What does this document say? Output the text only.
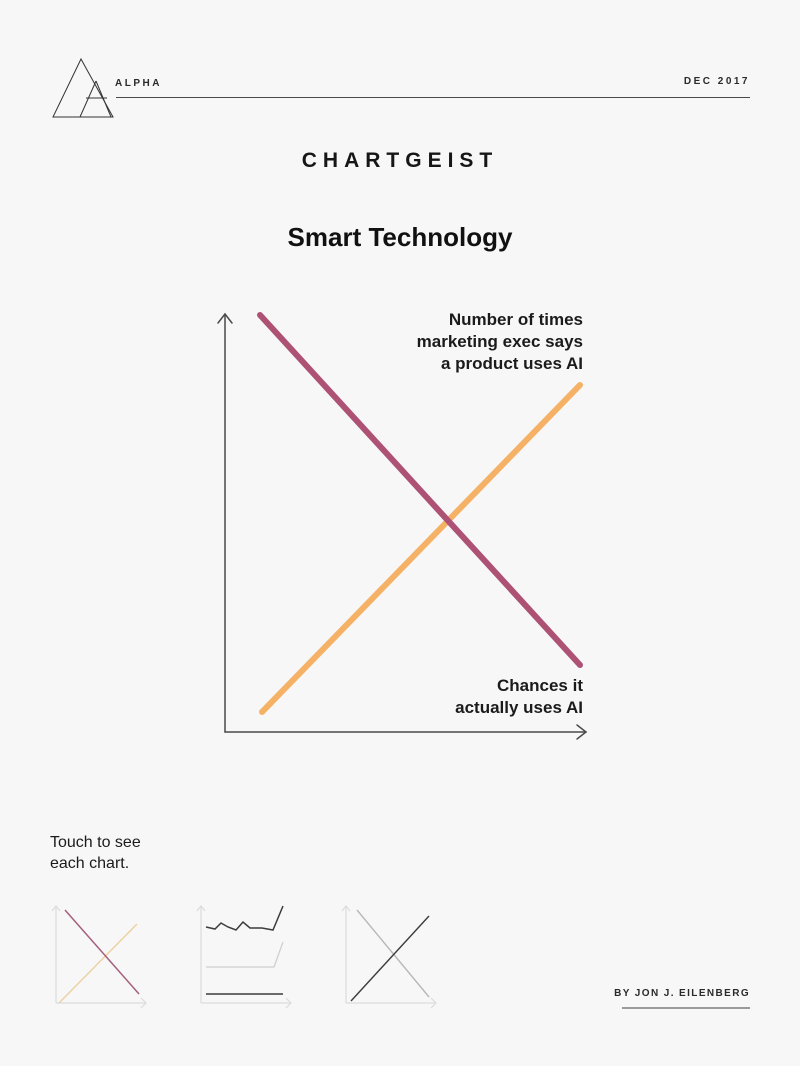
ALPHA	DEC 2017
CHARTGEIST
Smart Technology
Number of times
marketing exec says
a product uses AI
Chances it
actually uses AI
Touch to see
each chart.
BY JON J. EILENBERG
